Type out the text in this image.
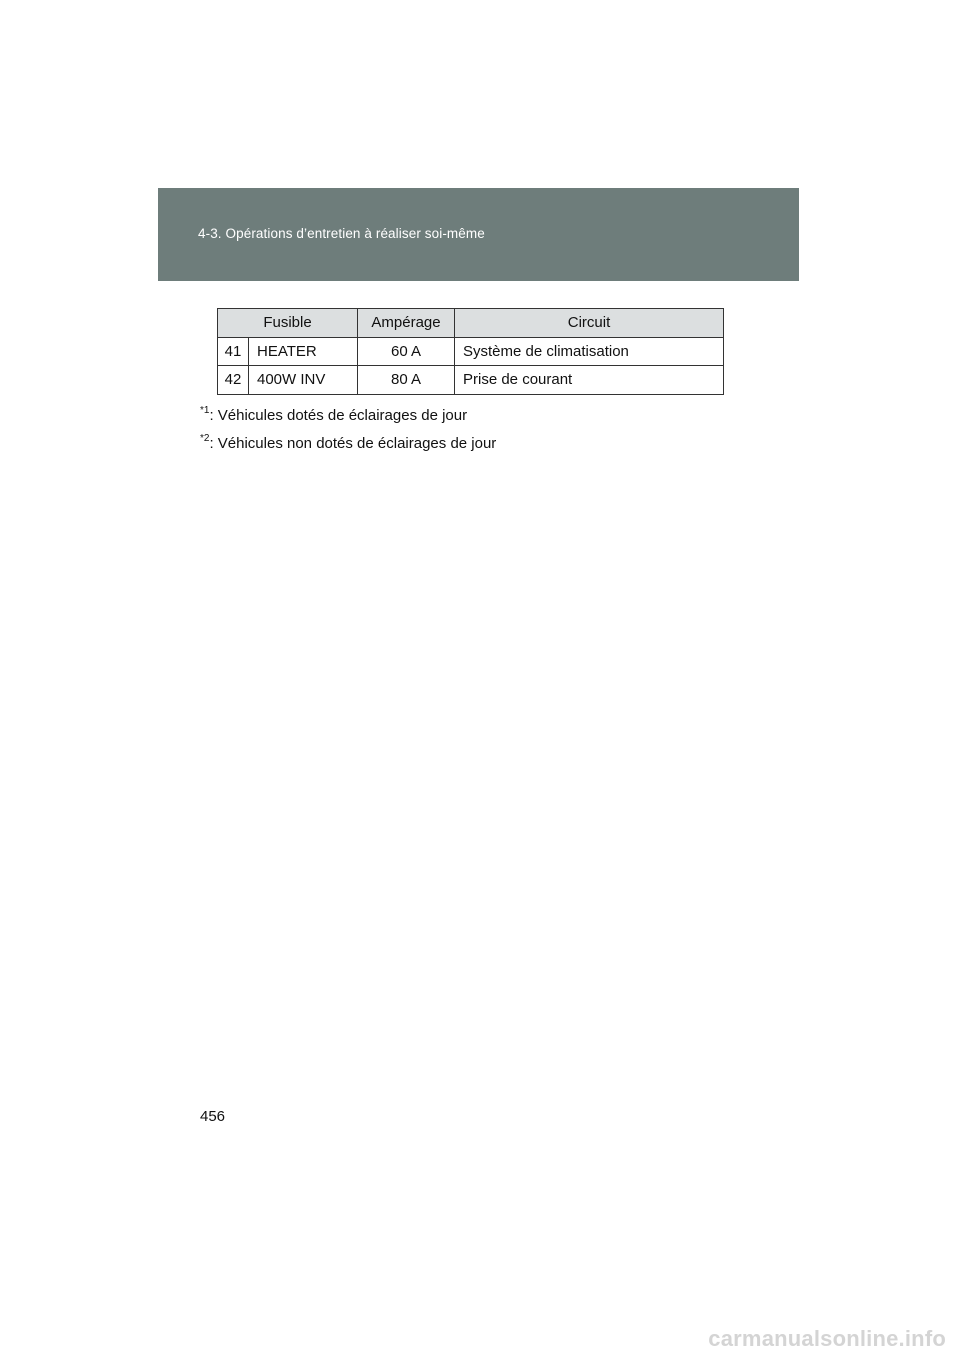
4-3. Opérations d’entretien à réaliser soi-même
Fusible		Ampérage	Circuit
41	HEATER	60 A	Système de climatisation
42	400W INV	80 A	Prise de courant
$^{*1}$: Véhicules dotés de éclairages de jour
$^{*2}$: Véhicules non dotés de éclairages de jour
456
carmanualsonline.info
